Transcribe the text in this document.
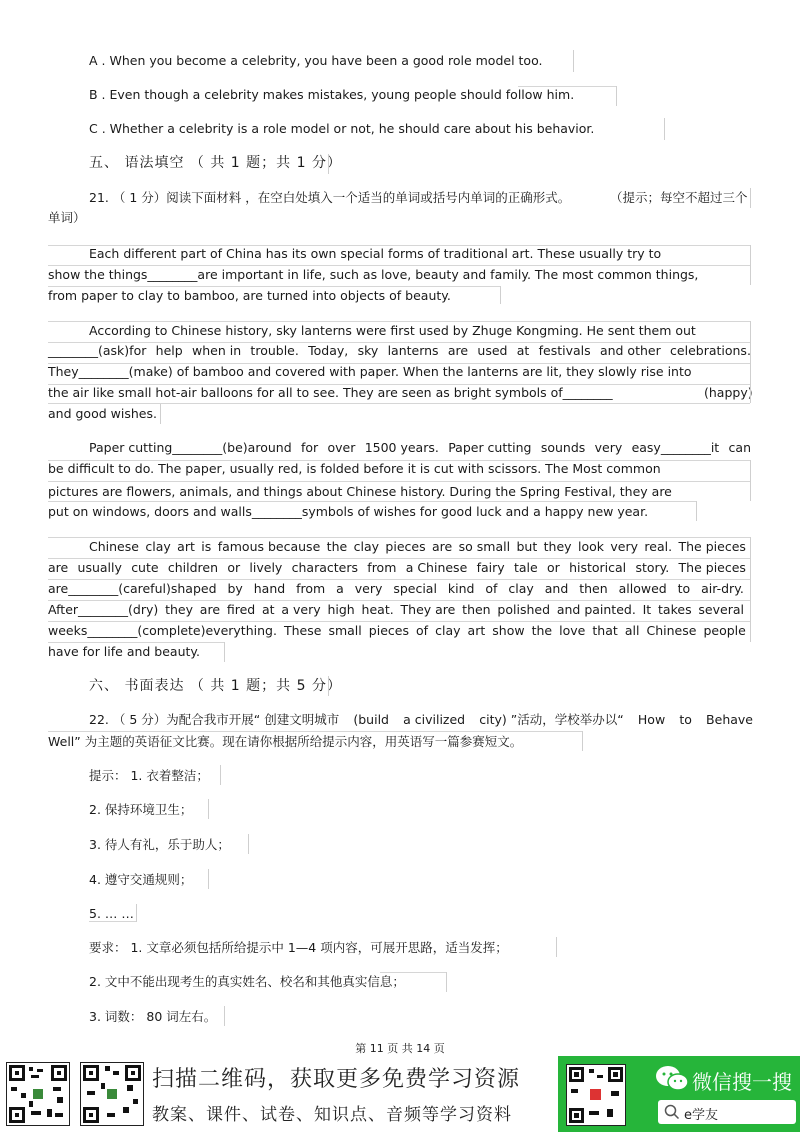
A . When you become a celebrity, you have been a good role model too.
B . Even though a celebrity makes mistakes, young people should follow him.
C . Whether a celebrity is a role model or not, he should care about his behavior.
五、 语法填空 （ 共 1 题；共 1 分）
21. （ 1 分）阅读下面材料 ，在空白处填入一个适当的单词或括号内单词的正确形式。	（提示；每空不超过三个
单词）
Each different part of China has its own special forms of traditional art. These usually try to
show the things________are important in life, such as love, beauty and family. The most common things,
from paper to clay to bamboo, are turned into objects of beauty.
According to Chinese history, sky lanterns were first used by Zhuge Kongming. He sent them out
________(ask)for help when in trouble. Today, sky lanterns are used at festivals and other celebrations.
They________(make) of bamboo and covered with paper. When the lanterns are lit, they slowly rise into
the air like small hot-air balloons for all to see. They are seen as bright symbols of________	(happy)
and good wishes.
Paper cutting________(be)around for over 1500 years. Paper cutting sounds very easy________it can
be difficult to do. The paper, usually red, is folded before it is cut with scissors. The Most common
pictures are flowers, animals, and things about Chinese history. During the Spring Festival, they are
put on windows, doors and walls________symbols of wishes for good luck and a happy new year.
Chinese clay art is famous because the clay pieces are so small but they look very real. The pieces
are usually cute children or lively characters from a Chinese fairy tale or historical story. The pieces
are________(careful)shaped by hand from a very special kind of clay and then allowed to air-dry.
After________(dry) they are fired at a very high heat. They are then polished and painted. It takes several
weeks________(complete)everything. These small pieces of clay art show the love that all Chinese people
have for life and beauty.
六、 书面表达 （ 共 1 题；共 5 分）
22. （ 5 分）为配合我市开展“ 创建文明城市 (build a civilized city) ”活动，学校举办以“ How to Behave
Well” 为主题的英语征文比赛。现在请你根据所给提示内容，用英语写一篇参赛短文。
提示： 1. 衣着整洁；
2. 保持环境卫生；
3. 待人有礼，乐于助人；
4. 遵守交通规则；
5. … …
要求： 1. 文章必须包括所给提示中 1—4 项内容，可展开思路，适当发挥；
2. 文中不能出现考生的真实姓名、校名和其他真实信息；
3. 词数： 80 词左右。
第 11 页 共 14 页
扫描二维码，获取更多免费学习资源
教案、课件、试卷、知识点、音频等学习资料
微信搜一搜
e学友
